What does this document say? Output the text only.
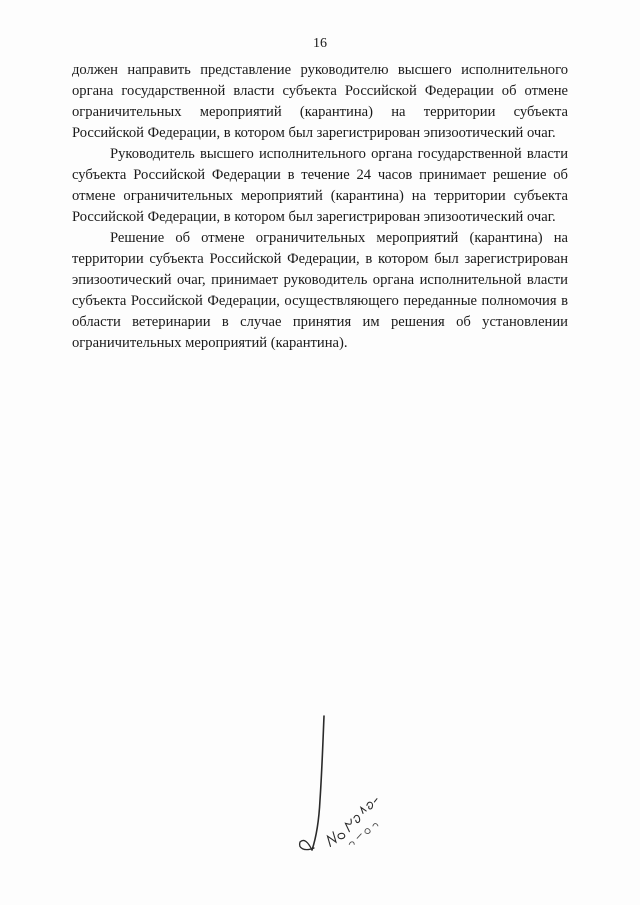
16

должен направить представление руководителю высшего исполнительного органа государственной власти субъекта Российской Федерации об отмене ограничительных мероприятий (карантина) на территории субъекта Российской Федерации, в котором был зарегистрирован эпизоотический очаг.

Руководитель высшего исполнительного органа государственной власти субъекта Российской Федерации в течение 24 часов принимает решение об отмене ограничительных мероприятий (карантина) на территории субъекта Российской Федерации, в котором был зарегистрирован эпизоотический очаг.

Решение об отмене ограничительных мероприятий (карантина) на территории субъекта Российской Федерации, в котором был зарегистрирован эпизоотический очаг, принимает руководитель органа исполнительной власти субъекта Российской Федерации, осуществляющего переданные полномочия в области ветеринарии в случае принятия им решения об установлении ограничительных мероприятий (карантина).
